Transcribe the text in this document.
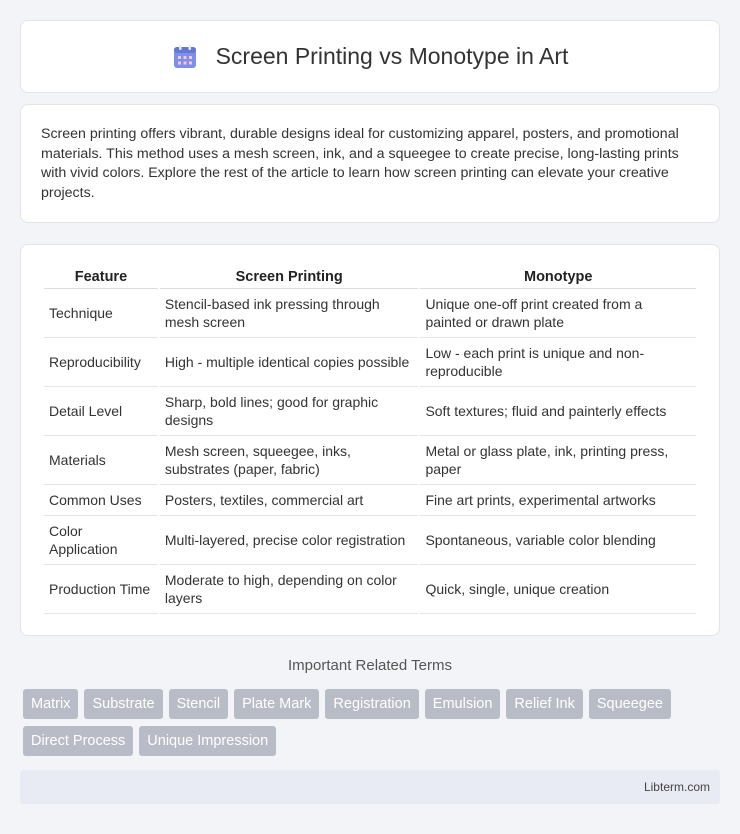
Screen Printing vs Monotype in Art

Screen printing offers vibrant, durable designs ideal for customizing apparel, posters, and promotional materials. This method uses a mesh screen, ink, and a squeegee to create precise, long-lasting prints with vivid colors. Explore the rest of the article to learn how screen printing can elevate your creative projects.

Feature	Screen Printing	Monotype
Technique	Stencil-based ink pressing through mesh screen	Unique one-off print created from a painted or drawn plate
Reproducibility	High - multiple identical copies possible	Low - each print is unique and non-reproducible
Detail Level	Sharp, bold lines; good for graphic designs	Soft textures; fluid and painterly effects
Materials	Mesh screen, squeegee, inks, substrates (paper, fabric)	Metal or glass plate, ink, printing press, paper
Common Uses	Posters, textiles, commercial art	Fine art prints, experimental artworks
Color Application	Multi-layered, precise color registration	Spontaneous, variable color blending
Production Time	Moderate to high, depending on color layers	Quick, single, unique creation
Important Related Terms
Matrix	Substrate	Stencil	Plate Mark	Registration	Emulsion	Relief Ink	Squeegee
Direct Process	Unique Impression
Libterm.com
